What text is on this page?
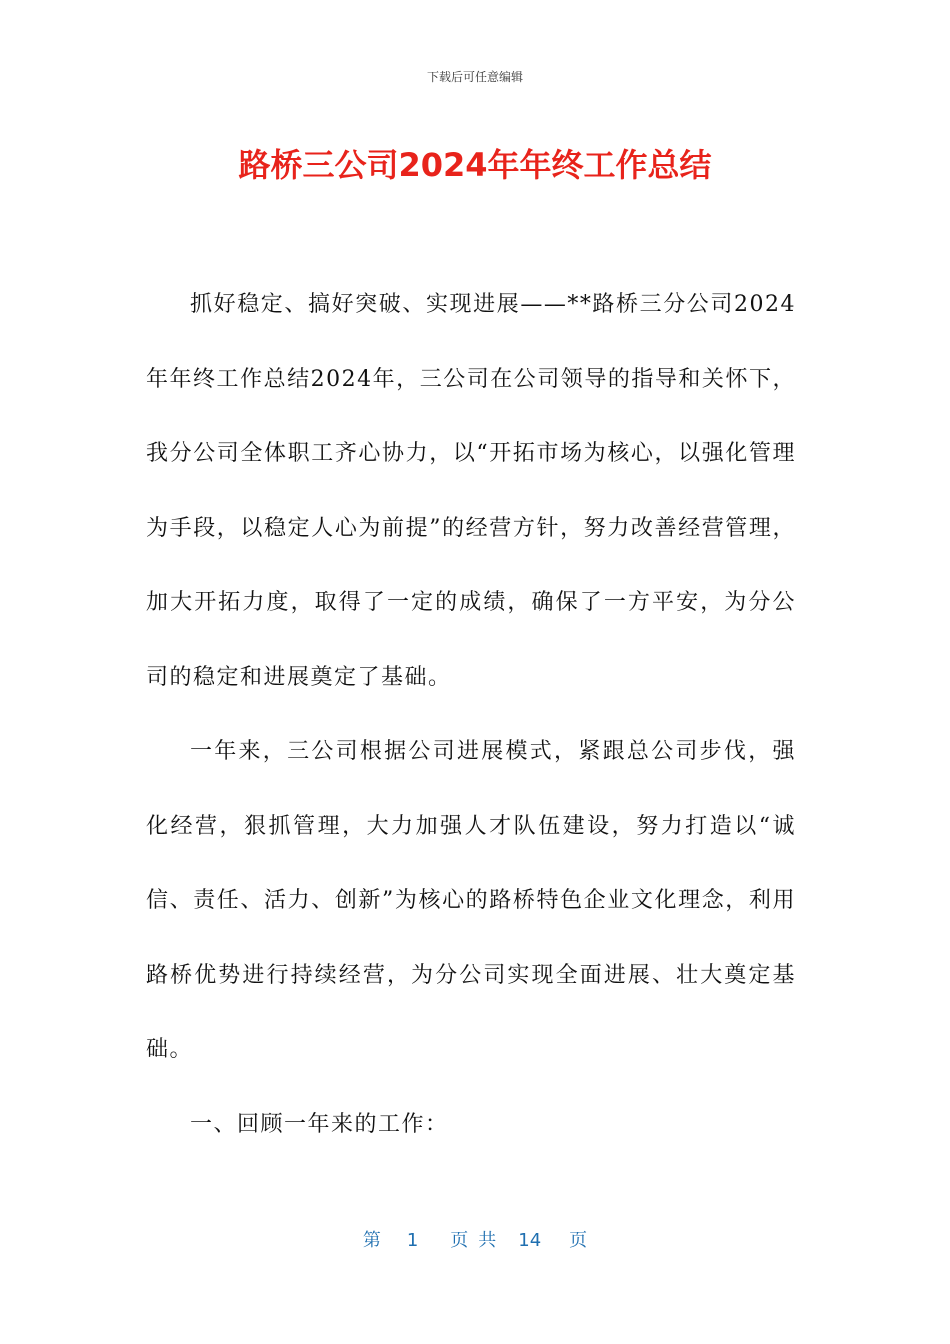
下载后可任意编辑
路桥三公司2024年年终工作总结

抓好稳定、搞好突破、实现进展——**路桥三分公司2024年年终工作总结2024年，三公司在公司领导的指导和关怀下，我分公司全体职工齐心协力，以“开拓市场为核心，以强化管理为手段，以稳定人心为前提”的经营方针，努力改善经营管理，加大开拓力度，取得了一定的成绩，确保了一方平安，为分公司的稳定和进展奠定了基础。

一年来，三公司根据公司进展模式，紧跟总公司步伐，强化经营，狠抓管理，大力加强人才队伍建设，努力打造以“诚信、责任、活力、创新”为核心的路桥特色企业文化理念，利用路桥优势进行持续经营，为分公司实现全面进展、壮大奠定基础。

一、回顾一年来的工作：

第 1 页 共 14 页
